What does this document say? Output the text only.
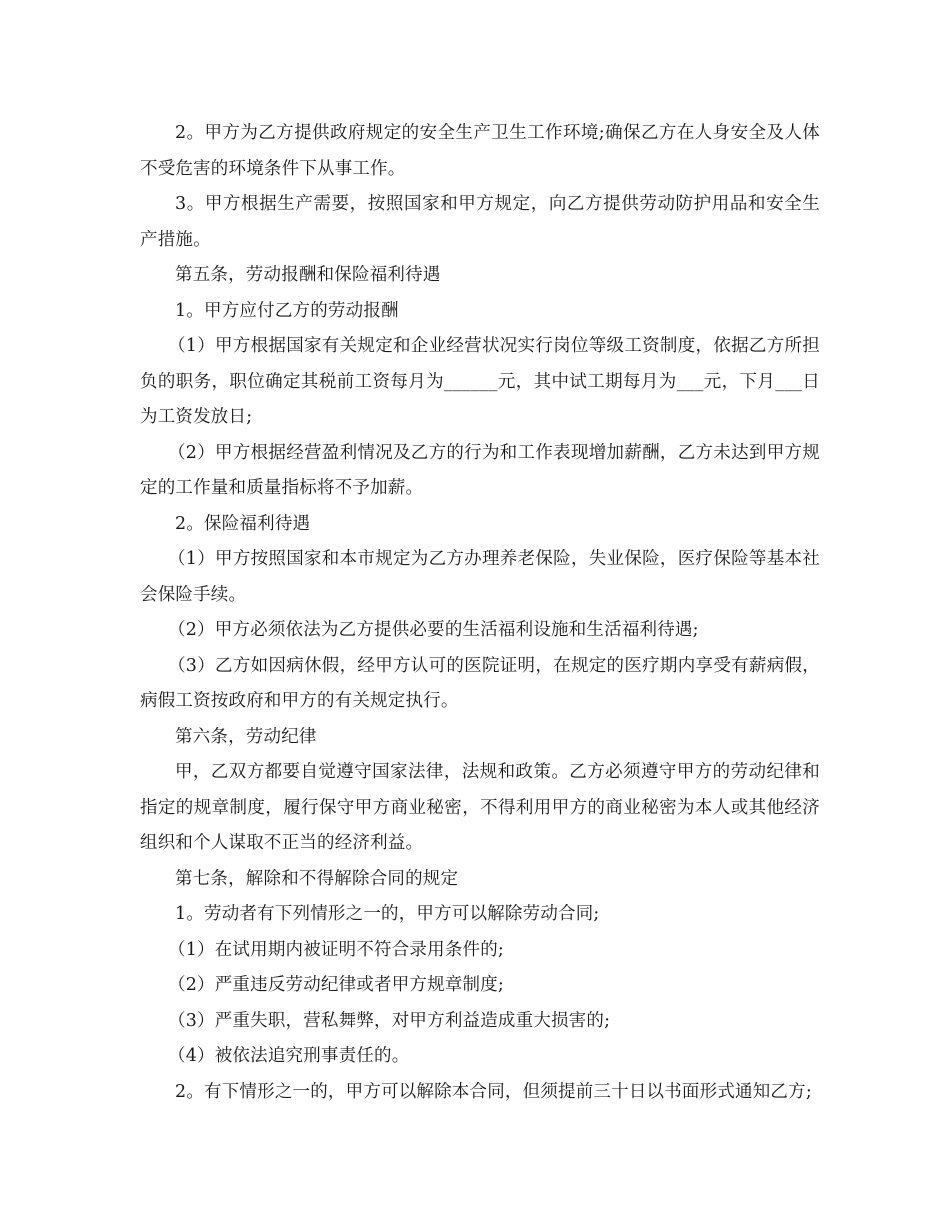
2。甲方为乙方提供政府规定的安全生产卫生工作环境;确保乙方在人身安全及人体不受危害的环境条件下从事工作。

3。甲方根据生产需要，按照国家和甲方规定，向乙方提供劳动防护用品和安全生产措施。

第五条，劳动报酬和保险福利待遇

1。甲方应付乙方的劳动报酬

（1）甲方根据国家有关规定和企业经营状况实行岗位等级工资制度，依据乙方所担负的职务，职位确定其税前工资每月为______元，其中试工期每月为___元，下月___日为工资发放日;

（2）甲方根据经营盈利情况及乙方的行为和工作表现增加薪酬，乙方未达到甲方规定的工作量和质量指标将不予加薪。

2。保险福利待遇

（1）甲方按照国家和本市规定为乙方办理养老保险，失业保险，医疗保险等基本社会保险手续。

（2）甲方必须依法为乙方提供必要的生活福利设施和生活福利待遇;

（3）乙方如因病休假，经甲方认可的医院证明，在规定的医疗期内享受有薪病假，病假工资按政府和甲方的有关规定执行。

第六条，劳动纪律

甲，乙双方都要自觉遵守国家法律，法规和政策。乙方必须遵守甲方的劳动纪律和指定的规章制度，履行保守甲方商业秘密，不得利用甲方的商业秘密为本人或其他经济组织和个人谋取不正当的经济利益。

第七条，解除和不得解除合同的规定

1。劳动者有下列情形之一的，甲方可以解除劳动合同;

（1）在试用期内被证明不符合录用条件的;

（2）严重违反劳动纪律或者甲方规章制度;

（3）严重失职，营私舞弊，对甲方利益造成重大损害的;

（4）被依法追究刑事责任的。

2。有下情形之一的，甲方可以解除本合同，但须提前三十日以书面形式通知乙方;
